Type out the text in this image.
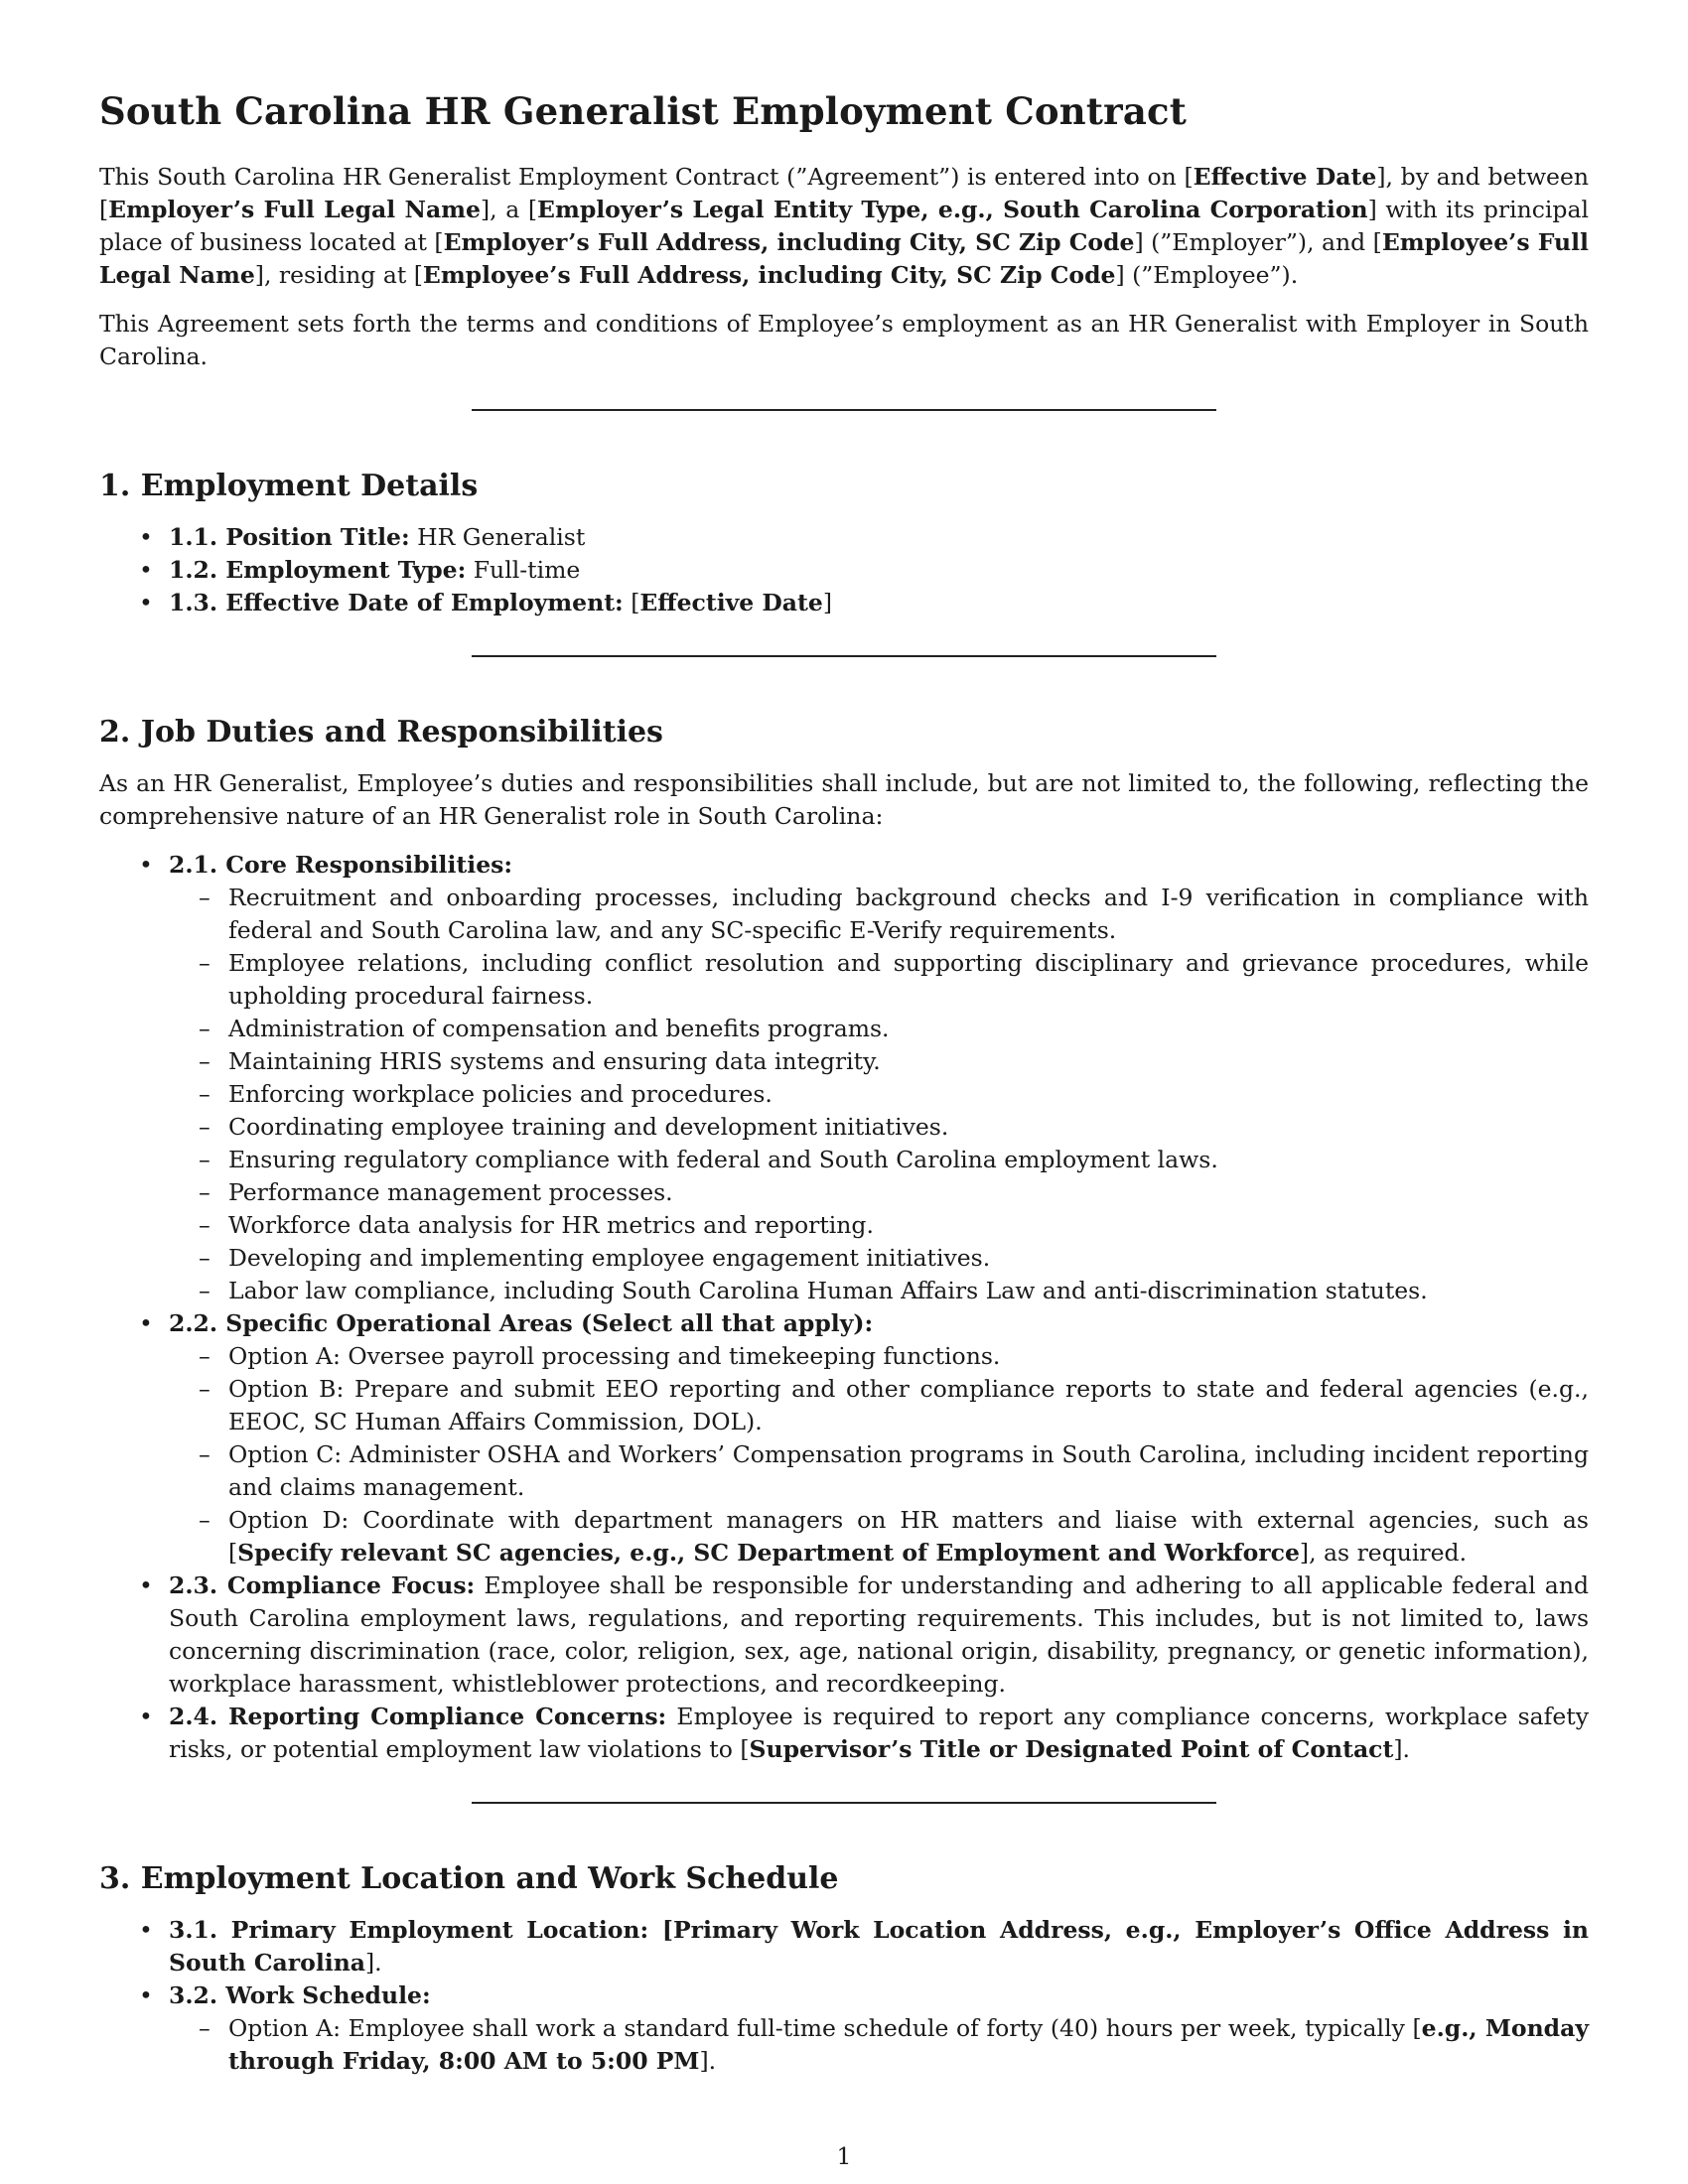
South Carolina HR Generalist Employment Contract

This South Carolina HR Generalist Employment Contract (”Agreement”) is entered into on [Effective Date], by and between [Employer’s Full Legal Name], a [Employer’s Legal Entity Type, e.g., South Carolina Corporation] with its principal place of business located at [Employer’s Full Address, including City, SC Zip Code] (”Employer”), and [Employee’s Full Legal Name], residing at [Employee’s Full Address, including City, SC Zip Code] (”Employee”).

This Agreement sets forth the terms and conditions of Employee’s employment as an HR Generalist with Employer in South Carolina.

1. Employment Details
• 1.1. Position Title: HR Generalist
• 1.2. Employment Type: Full-time
• 1.3. Effective Date of Employment: [Effective Date]
2. Job Duties and Responsibilities

As an HR Generalist, Employee’s duties and responsibilities shall include, but are not limited to, the following, reflecting the comprehensive nature of an HR Generalist role in South Carolina:

• 2.1. Core Responsibilities:
– Recruitment and onboarding processes, including background checks and I-9 verification in compliance with federal and South Carolina law, and any SC-specific E-Verify requirements.
– Employee relations, including conflict resolution and supporting disciplinary and grievance procedures, while upholding procedural fairness.
– Administration of compensation and benefits programs.
– Maintaining HRIS systems and ensuring data integrity.
– Enforcing workplace policies and procedures.
– Coordinating employee training and development initiatives.
– Ensuring regulatory compliance with federal and South Carolina employment laws.
– Performance management processes.
– Workforce data analysis for HR metrics and reporting.
– Developing and implementing employee engagement initiatives.
– Labor law compliance, including South Carolina Human Affairs Law and anti-discrimination statutes.
• 2.2. Specific Operational Areas (Select all that apply):
– Option A: Oversee payroll processing and timekeeping functions.
– Option B: Prepare and submit EEO reporting and other compliance reports to state and federal agencies (e.g., EEOC, SC Human Affairs Commission, DOL).
– Option C: Administer OSHA and Workers’ Compensation programs in South Carolina, including incident reporting and claims management.
– Option D: Coordinate with department managers on HR matters and liaise with external agencies, such as [Specify relevant SC agencies, e.g., SC Department of Employment and Workforce], as required.
• 2.3. Compliance Focus: Employee shall be responsible for understanding and adhering to all applicable federal and South Carolina employment laws, regulations, and reporting requirements. This includes, but is not limited to, laws concerning discrimination (race, color, religion, sex, age, national origin, disability, pregnancy, or genetic information), workplace harassment, whistleblower protections, and recordkeeping.
• 2.4. Reporting Compliance Concerns: Employee is required to report any compliance concerns, workplace safety risks, or potential employment law violations to [Supervisor’s Title or Designated Point of Contact].
3. Employment Location and Work Schedule
• 3.1. Primary Employment Location: [Primary Work Location Address, e.g., Employer’s Office Address in South Carolina].
• 3.2. Work Schedule:
– Option A: Employee shall work a standard full-time schedule of forty (40) hours per week, typically [e.g., Monday through Friday, 8:00 AM to 5:00 PM].
1
